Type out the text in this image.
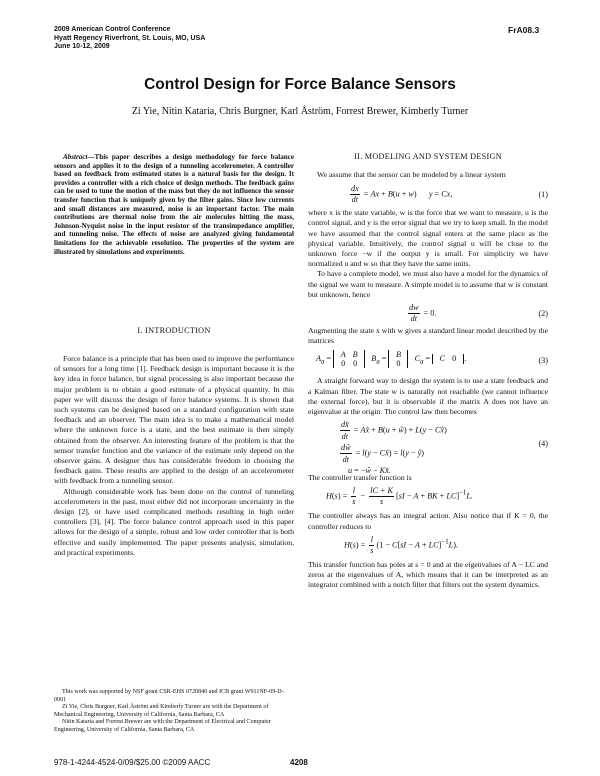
2009 American Control Conference
Hyatt Regency Riverfront, St. Louis, MO, USA
June 10-12, 2009
FrA08.3
Control Design for Force Balance Sensors
Zi Yie, Nitin Kataria, Chris Burgner, Karl Åström, Forrest Brewer, Kimberly Turner

Abstract—This paper describes a design methodology for force balance sensors and applies it to the design of a tunneling accelerometer. A controller based on feedback from estimated states is a natural basis for the design. It provides a controller with a rich choice of design methods. The feedback gains can be used to tune the motion of the mass but they do not influence the sensor transfer function that is uniquely given by the filter gains. Since low currents and small distances are measured, noise is an important factor. The main contributions are thermal noise from the air molecules hitting the mass, Johnson-Nyquist noise in the input resistor of the transimpedance amplifier, and tunneling noise. The effects of noise are analyzed giving fundamental limitations for the achievable resolution. The properties of the system are illustrated by simulations and experiments.

I. INTRODUCTION

Force balance is a principle that has been used to improve the performance of sensors for a long time [1]. Feedback design is important because it is the key idea in force balance, but signal processing is also important because the major problem is to obtain a good estimate of a physical quantity. In this paper we will discuss the design of force balance systems. It is shown that such systems can be designed based on a standard configuration with state feedback and an observer. The main idea is to make a mathematical model where the unknown force is a state, and the best estimate is then simply obtained from the observer. An interesting feature of the problem is that the sensor transfer function and the variance of the estimate only depend on the observer gains. A designer thus has considerable freedom in choosing the feedback gains. These results are applied to the design of an accelerometer with feedback from a tunneling sensor.

Although considerable work has been done on the control of tunneling accelerometers in the past, most either did not incorporate uncertainty in the design [2], or have used complicated methods resulting in high order controllers [3], [4]. The force balance control approach used in this paper allows for the design of a simple, robust and low order controller that is both effective and easily implemented. The paper presents analysis, simulation, and practical experiments.

This work was supported by NSF grant CSR-EHS 0720840 and ICB grant W911NF-09-D-0001

Zi Yie, Chris Burgner, Karl Åström and Kimberly Turner are with the Department of Mechanical Engineering, University of California, Santa Barbara, CA

Nitin Kataria and Forrest Brewer are with the Department of Electrical and Computer Engineering, University of California, Santa Barbara, CA

II. MODELING AND SYSTEM DESIGN

We assume that the sensor can be modeled by a linear system

$\frac{dx}{dt} = Ax + B(u + w)$      y = Cx,	(1)

where x is the state variable, w is the force that we want to measure, u is the control signal, and y is the error signal that we try to keep small. In the model we have assumed that the control signal enters at the same place as the physical variable. Intuitively, the control signal u will be close to the unknown force −w if the output y is small. For simplicity we have normalized u and w so that they have the same units.

To have a complete model, we must also have a model for the dynamics of the signal we want to measure. A simple model is to assume that w is constant but unknown, hence

$\frac{dw}{dt} = 0$.	(2)

Augmenting the state x with w gives a standard linear model described by the matrices

$A_a = A$ B
0 0   $B_a = B$
0   $C_a = C$ 0 .	(3)

A straight forward way to design the system is to use a state feedback and a Kalman filter. The state w is naturally not reachable (we cannot influence the external force), but it is observable if the matrix A does not have an eigenvalue at the origin. The control law then becomes

$\frac{dx̂}{dt}$ = Ax̂ + B(u + ŵ) + L(y − Cx̂)
$\frac{dŵ}{dt} = l(y$ − Cx̂) = l(y − ŷ)
u = −ŵ − Kx̂.
(4)

The controller transfer function is

$H(s) = \frac{l}{s} - \frac{lC + K}{s} [sI - A$ + BK + LC]$^{-1}$L.

The controller always has an integral action. Also notice that if K = 0, the controller reduces to

$H(s) = \frac{l}{s} (1 - C[sI - A + LC]^{-1}L)$.

This transfer function has poles at s = 0 and at the eigenvalues of A − LC and zeros at the eigenvalues of A, which means that it can be interpreted as an integrator combined with a notch filter that filters out the system dynamics.

978-1-4244-4524-0/09/$25.00 ©2009 AACC	4208
